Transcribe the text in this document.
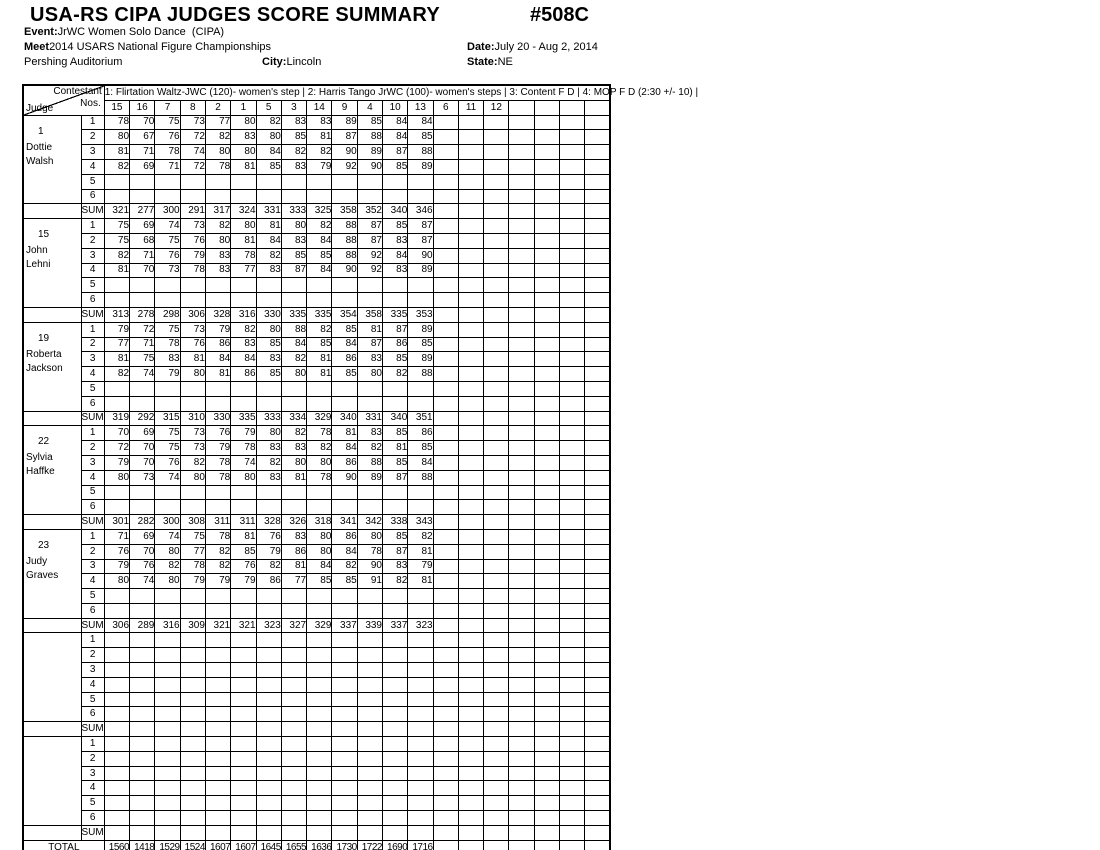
USA-RS CIPA JUDGES SCORE SUMMARY	#508C
Event:JrWC Women Solo Dance  (CIPA)
Meet2014 USARS National Figure Championships	Date:July 20 - Aug 2, 2014
Pershing Auditorium	City:Lincoln	State:NE
Contestant
Nos.
Judge		1: Flirtation Waltz-JWC (120)- women's step | 2: Harris Tango JrWC (100)- women's steps | 3: Content F D | 4: MOP F D (2:30 +/- 10) |																			

		15	16	7	8	2	1	5	3	14	9	4	10	13	6	11	12				

1
Dottie
Walsh	1	78	70	75	73	77	80	82	83	83	89	85	84	84							
	2	80	67	76	72	82	83	80	85	81	87	88	84	85							
	3	81	71	78	74	80	80	84	82	82	90	89	87	88							
	4	82	69	71	72	78	81	85	83	79	92	90	85	89							
	5																				
	6																				
	SUM	321	277	300	291	317	324	331	333	325	358	352	340	346							

15
John
Lehni	1	75	69	74	73	82	80	81	80	82	88	87	85	87							
	2	75	68	75	76	80	81	84	83	84	88	87	83	87							
	3	82	71	76	79	83	78	82	85	85	88	92	84	90							
	4	81	70	73	78	83	77	83	87	84	90	92	83	89							
	5																				
	6																				
	SUM	313	278	298	306	328	316	330	335	335	354	358	335	353							

19
Roberta
Jackson	1	79	72	75	73	79	82	80	88	82	85	81	87	89							
	2	77	71	78	76	86	83	85	84	85	84	87	86	85							
	3	81	75	83	81	84	84	83	82	81	86	83	85	89							
	4	82	74	79	80	81	86	85	80	81	85	80	82	88							
	5																				
	6																				
	SUM	319	292	315	310	330	335	333	334	329	340	331	340	351							

22
Sylvia
Haffke	1	70	69	75	73	76	79	80	82	78	81	83	85	86							
	2	72	70	75	73	79	78	83	83	82	84	82	81	85							
	3	79	70	76	82	78	74	82	80	80	86	88	85	84							
	4	80	73	74	80	78	80	83	81	78	90	89	87	88							
	5																				
	6																				
	SUM	301	282	300	308	311	311	328	326	318	341	342	338	343							

23
Judy
Graves	1	71	69	74	75	78	81	76	83	80	86	80	85	82							
	2	76	70	80	77	82	85	79	86	80	84	78	87	81							
	3	79	76	82	78	82	76	82	81	84	82	90	83	79							
	4	80	74	80	79	79	79	86	77	85	85	91	82	81							
	5																				
	6																				
	SUM	306	289	316	309	321	321	323	327	329	337	339	337	323							

	1																				
	2																				
	3																				
	4																				
	5																				
	6																				
	SUM																				

	1																				
	2																				
	3																				
	4																				
	5																				
	6																				
	SUM																				
TOTAL		1560	1418	1529	1524	1607	1607	1645	1655	1636	1730	1722	1690	1716							
